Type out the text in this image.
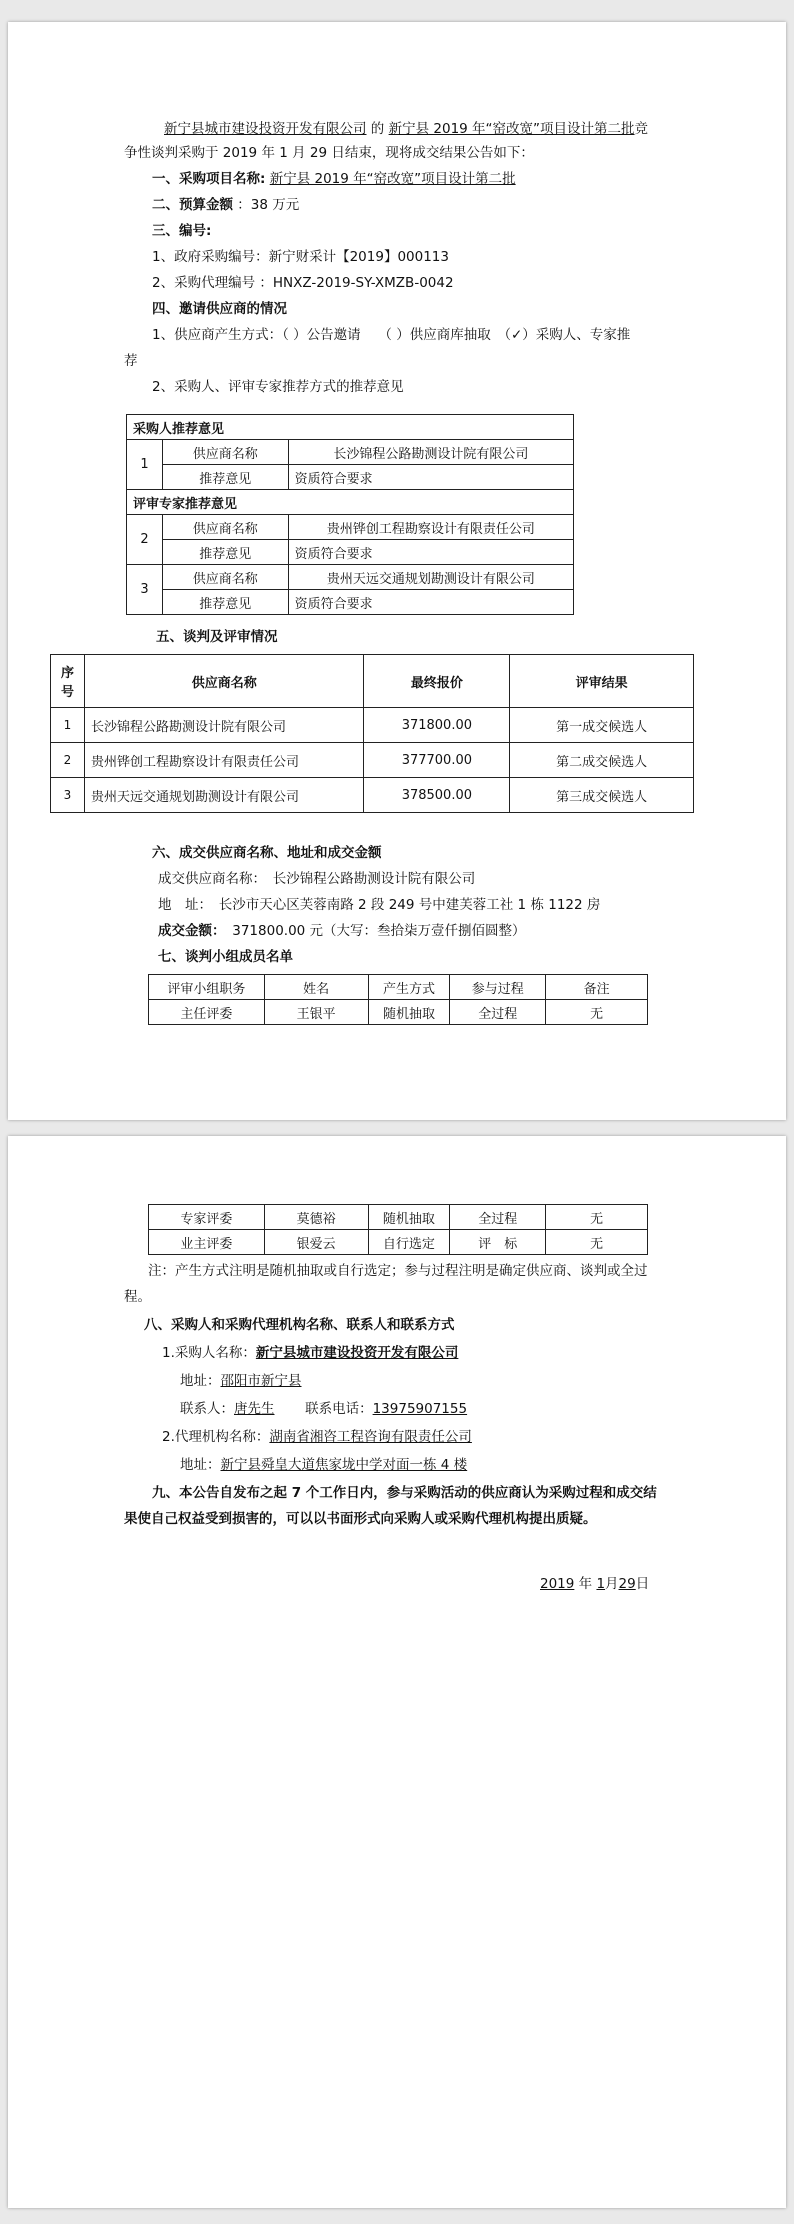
新宁县城市建设投资开发有限公司 的 新宁县 2019 年“窑改宽”项目设计第二批竞
争性谈判采购于 2019 年 1 月 29 日结束，现将成交结果公告如下：
一、采购项目名称: 新宁县 2019 年“窑改宽”项目设计第二批
二、预算金额 ：38 万元
三、编号:
1、政府采购编号：新宁财采计【2019】000113
2、采购代理编号 ：HNXZ-2019-SY-XMZB-0042
四、邀请供应商的情况
1、供应商产生方式：（ ）公告邀请　 （ ）供应商库抽取　（✓）采购人、专家推
荐
2、采购人、评审专家推荐方式的推荐意见
采购人推荐意见		
1	供应商名称	长沙锦程公路勘测设计院有限公司
	推荐意见	资质符合要求
评审专家推荐意见		
2	供应商名称	贵州铧创工程勘察设计有限责任公司
	推荐意见	资质符合要求
3	供应商名称	贵州天远交通规划勘测设计有限公司
	推荐意见	资质符合要求
五、谈判及评审情况
序号	供应商名称	最终报价	评审结果
1	长沙锦程公路勘测设计院有限公司	371800.00	第一成交候选人
2	贵州铧创工程勘察设计有限责任公司	377700.00	第二成交候选人
3	贵州天远交通规划勘测设计有限公司	378500.00	第三成交候选人
六、成交供应商名称、地址和成交金额
成交供应商名称：　长沙锦程公路勘测设计院有限公司
地　址：　长沙市天心区芙蓉南路 2 段 249 号中建芙蓉工社 1 栋 1122 房
成交金额：　371800.00 元（大写：叁拾柒万壹仟捌佰圆整）
七、谈判小组成员名单
评审小组职务	姓名	产生方式	参与过程	备注
主任评委	王银平	随机抽取	全过程	无
专家评委	莫德裕	随机抽取	全过程	无
业主评委	银爱云	自行选定	评　标	无
注：产生方式注明是随机抽取或自行选定；参与过程注明是确定供应商、谈判或全过
程。
八、采购人和采购代理机构名称、联系人和联系方式
1.采购人名称：新宁县城市建设投资开发有限公司
地址：邵阳市新宁县
联系人：唐先生 联系电话：13975907155
2.代理机构名称：湖南省湘咨工程咨询有限责任公司
地址：新宁县舜皇大道焦家垅中学对面一栋 4 楼
九、本公告自发布之起 7 个工作日内，参与采购活动的供应商认为采购过程和成交结
果使自己权益受到损害的，可以以书面形式向采购人或采购代理机构提出质疑。
2019 年 1月29日
